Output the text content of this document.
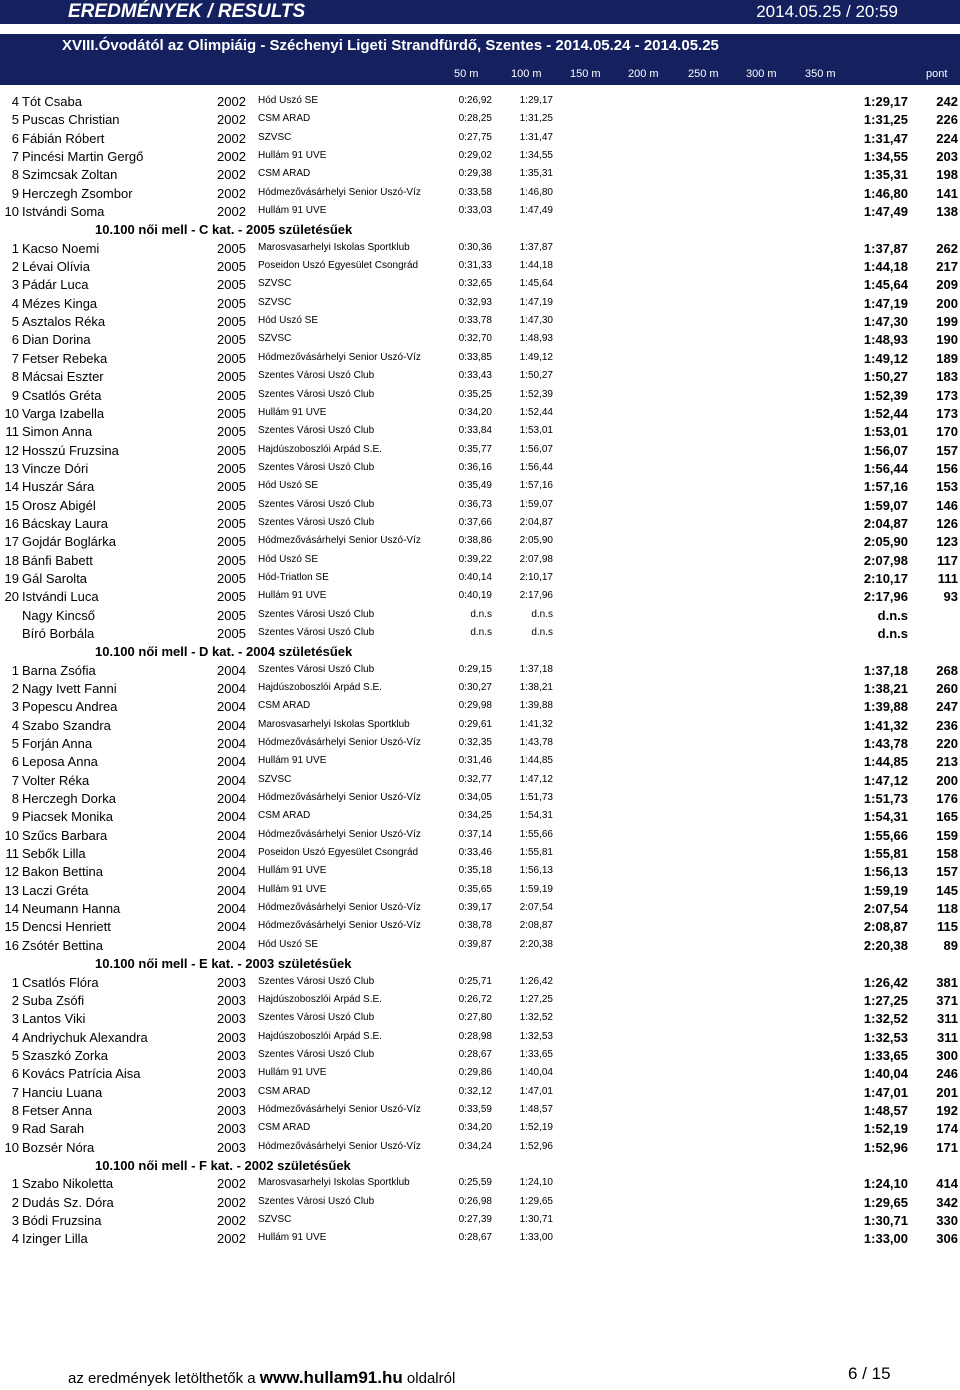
EREDMÉNYEK / RESULTS	2014.05.25 / 20:59
XVIII.Óvodától az Olimpiáig - Széchenyi Ligeti Strandfürdő, Szentes - 2014.05.24 - 2014.05.25
50 m	100 m	150 m 200 m	250 m 300 m	350 m	pont
4 Tót Csaba	2002 Hód Úszó SE	0:26,92	1:29,17	1:29,17	242
5 Puscas Christian	2002 CSM ARAD	0:28,25	1:31,25	1:31,25	226
6 Fábián Róbert	2002 SZVSC	0:27,75	1:31,47	1:31,47	224
7 Pincési Martin Gergő	2002 Hullám 91 ÚVE	0:29,02	1:34,55	1:34,55	203
8 Szimcsak Zoltan	2002 CSM ARAD	0:29,38	1:35,31	1:35,31	198
9 Herczegh Zsombor	2002 Hódmezővásárhelyi Senior Úszó-Víz	0:33,58	1:46,80	1:46,80	141
10 Istvándi Soma	2002 Hullám 91 ÚVE	0:33,03	1:47,49	1:47,49	138
10.100 női mell - C kat. - 2005 születésűek
1 Kacso Noemi	2005 Marosvasarhelyi Iskolas Sportklub	0:30,36	1:37,87	1:37,87	262
2 Lévai Olívia	2005 Poseidon Úszó Egyesület Csongrád	0:31,33	1:44,18	1:44,18	217
3 Pádár Luca	2005 SZVSC	0:32,65	1:45,64	1:45,64	209
4 Mézes Kinga	2005 SZVSC	0:32,93	1:47,19	1:47,19	200
5 Asztalos Réka	2005 Hód Úszó SE	0:33,78	1:47,30	1:47,30	199
6 Dian Dorina	2005 SZVSC	0:32,70	1:48,93	1:48,93	190
7 Fetser Rebeka	2005 Hódmezővásárhelyi Senior Úszó-Víz	0:33,85	1:49,12	1:49,12	189
8 Mácsai Eszter	2005 Szentes Városi Úszó Club	0:33,43	1:50,27	1:50,27	183
9 Csatlós Gréta	2005 Szentes Városi Úszó Club	0:35,25	1:52,39	1:52,39	173
10 Varga Izabella	2005 Hullám 91 ÚVE	0:34,20	1:52,44	1:52,44	173
11 Simon Anna	2005 Szentes Városi Úszó Club	0:33,84	1:53,01	1:53,01	170
12 Hosszú Fruzsina	2005 Hajdúszoboszlói Árpád S.E.	0:35,77	1:56,07	1:56,07	157
13 Vincze Dóri	2005 Szentes Városi Úszó Club	0:36,16	1:56,44	1:56,44	156
14 Huszár Sára	2005 Hód Úszó SE	0:35,49	1:57,16	1:57,16	153
15 Orosz Abigél	2005 Szentes Városi Úszó Club	0:36,73	1:59,07	1:59,07	146
16 Bácskay Laura	2005 Szentes Városi Úszó Club	0:37,66	2:04,87	2:04,87	126
17 Gojdár Boglárka	2005 Hódmezővásárhelyi Senior Úszó-Víz	0:38,86	2:05,90	2:05,90	123
18 Bánfi Babett	2005 Hód Úszó SE	0:39,22	2:07,98	2:07,98	117
19 Gál Sarolta	2005 Hód-Triatlon SE	0:40,14	2:10,17	2:10,17	111
20 Istvándi Luca	2005 Hullám 91 ÚVE	0:40,19	2:17,96	2:17,96	93
Nagy Kincső	2005 Szentes Városi Úszó Club	d.n.s	d.n.s	d.n.s
Bíró Borbála	2005 Szentes Városi Úszó Club	d.n.s	d.n.s	d.n.s
10.100 női mell - D kat. - 2004 születésűek
1 Barna Zsófia	2004 Szentes Városi Úszó Club	0:29,15	1:37,18	1:37,18	268
2 Nagy Ivett Fanni	2004 Hajdúszoboszlói Árpád S.E.	0:30,27	1:38,21	1:38,21	260
3 Popescu Andrea	2004 CSM ARAD	0:29,98	1:39,88	1:39,88	247
4 Szabo Szandra	2004 Marosvasarhelyi Iskolas Sportklub	0:29,61	1:41,32	1:41,32	236
5 Forján Anna	2004 Hódmezővásárhelyi Senior Úszó-Víz	0:32,35	1:43,78	1:43,78	220
6 Leposa Anna	2004 Hullám 91 ÚVE	0:31,46	1:44,85	1:44,85	213
7 Volter Réka	2004 SZVSC	0:32,77	1:47,12	1:47,12	200
8 Herczegh Dorka	2004 Hódmezővásárhelyi Senior Úszó-Víz	0:34,05	1:51,73	1:51,73	176
9 Piacsek Monika	2004 CSM ARAD	0:34,25	1:54,31	1:54,31	165
10 Szűcs Barbara	2004 Hódmezővásárhelyi Senior Úszó-Víz	0:37,14	1:55,66	1:55,66	159
11 Sebők Lilla	2004 Poseidon Úszó Egyesület Csongrád	0:33,46	1:55,81	1:55,81	158
12 Bakon Bettina	2004 Hullám 91 ÚVE	0:35,18	1:56,13	1:56,13	157
13 Laczi Gréta	2004 Hullám 91 ÚVE	0:35,65	1:59,19	1:59,19	145
14 Neumann Hanna	2004 Hódmezővásárhelyi Senior Úszó-Víz	0:39,17	2:07,54	2:07,54	118
15 Dencsi Henriett	2004 Hódmezővásárhelyi Senior Úszó-Víz	0:38,78	2:08,87	2:08,87	115
16 Zsótér Bettina	2004 Hód Úszó SE	0:39,87	2:20,38	2:20,38	89
10.100 női mell - E kat. - 2003 születésűek
1 Csatlós Flóra	2003 Szentes Városi Úszó Club	0:25,71	1:26,42	1:26,42	381
2 Suba Zsófi	2003 Hajdúszoboszlói Árpád S.E.	0:26,72	1:27,25	1:27,25	371
3 Lantos Viki	2003 Szentes Városi Úszó Club	0:27,80	1:32,52	1:32,52	311
4 Andriychuk Alexandra	2003 Hajdúszoboszlói Árpád S.E.	0:28,98	1:32,53	1:32,53	311
5 Szaszkó Zorka	2003 Szentes Városi Úszó Club	0:28,67	1:33,65	1:33,65	300
6 Kovács Patrícia Aisa	2003 Hullám 91 ÚVE	0:29,86	1:40,04	1:40,04	246
7 Hanciu Luana	2003 CSM ARAD	0:32,12	1:47,01	1:47,01	201
8 Fetser Anna	2003 Hódmezővásárhelyi Senior Úszó-Víz	0:33,59	1:48,57	1:48,57	192
9 Rad Sarah	2003 CSM ARAD	0:34,20	1:52,19	1:52,19	174
10 Bozsér Nóra	2003 Hódmezővásárhelyi Senior Úszó-Víz	0:34,24	1:52,96	1:52,96	171
10.100 női mell - F kat. - 2002 születésűek
1 Szabo Nikoletta	2002 Marosvasarhelyi Iskolas Sportklub	0:25,59	1:24,10	1:24,10	414
2 Dudás Sz. Dóra	2002 Szentes Városi Úszó Club	0:26,98	1:29,65	1:29,65	342
3 Bódi Fruzsina	2002 SZVSC	0:27,39	1:30,71	1:30,71	330
4 Izinger Lilla	2002 Hullám 91 ÚVE	0:28,67	1:33,00	1:33,00	306
az eredmények letölthetők a www.hullam91.hu oldalról	6 / 15
